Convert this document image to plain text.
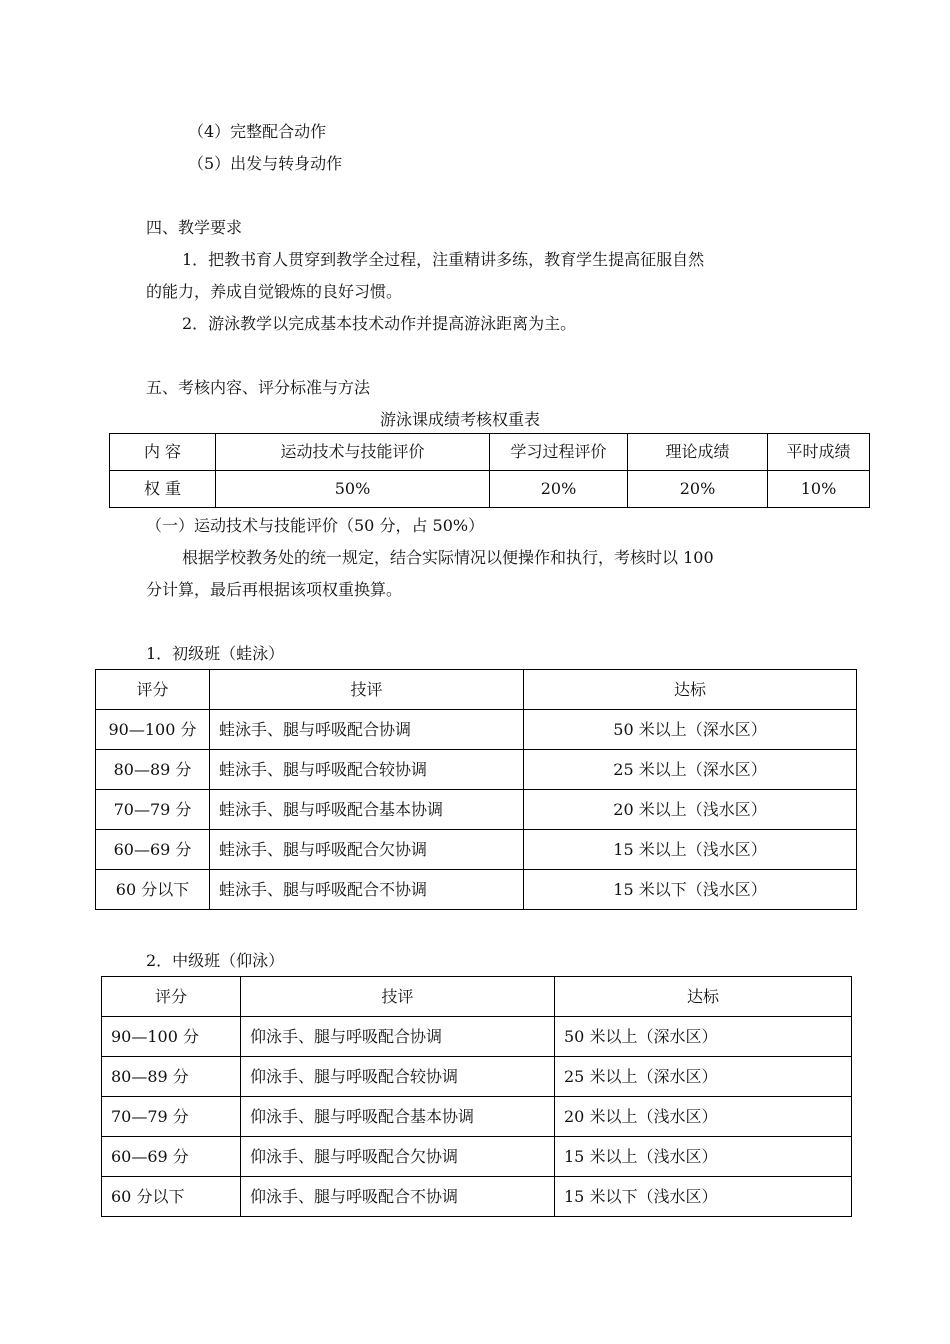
（4）完整配合动作
（5）出发与转身动作
四、教学要求
1．把教书育人贯穿到教学全过程，注重精讲多练，教育学生提高征服自然
的能力，养成自觉锻炼的良好习惯。
2．游泳教学以完成基本技术动作并提高游泳距离为主。
五、考核内容、评分标准与方法
游泳课成绩考核权重表
内 容	运动技术与技能评价	学习过程评价	理论成绩	平时成绩
权 重	50%	20%	20%	10%
（一）运动技术与技能评价（50 分，占 50%）
根据学校教务处的统一规定，结合实际情况以便操作和执行，考核时以 100
分计算，最后再根据该项权重换算。
1．初级班（蛙泳）
评分	技评	达标
90—100 分	蛙泳手、腿与呼吸配合协调	50 米以上（深水区）
80—89 分	蛙泳手、腿与呼吸配合较协调	25 米以上（深水区）
70—79 分	蛙泳手、腿与呼吸配合基本协调	20 米以上（浅水区）
60—69 分	蛙泳手、腿与呼吸配合欠协调	15 米以上（浅水区）
60 分以下	蛙泳手、腿与呼吸配合不协调	15 米以下（浅水区）
2．中级班（仰泳）
评分	技评	达标
90—100 分	仰泳手、腿与呼吸配合协调	50 米以上（深水区）
80—89 分	仰泳手、腿与呼吸配合较协调	25 米以上（深水区）
70—79 分	仰泳手、腿与呼吸配合基本协调	20 米以上（浅水区）
60—69 分	仰泳手、腿与呼吸配合欠协调	15 米以上（浅水区）
60 分以下	仰泳手、腿与呼吸配合不协调	15 米以下（浅水区）
